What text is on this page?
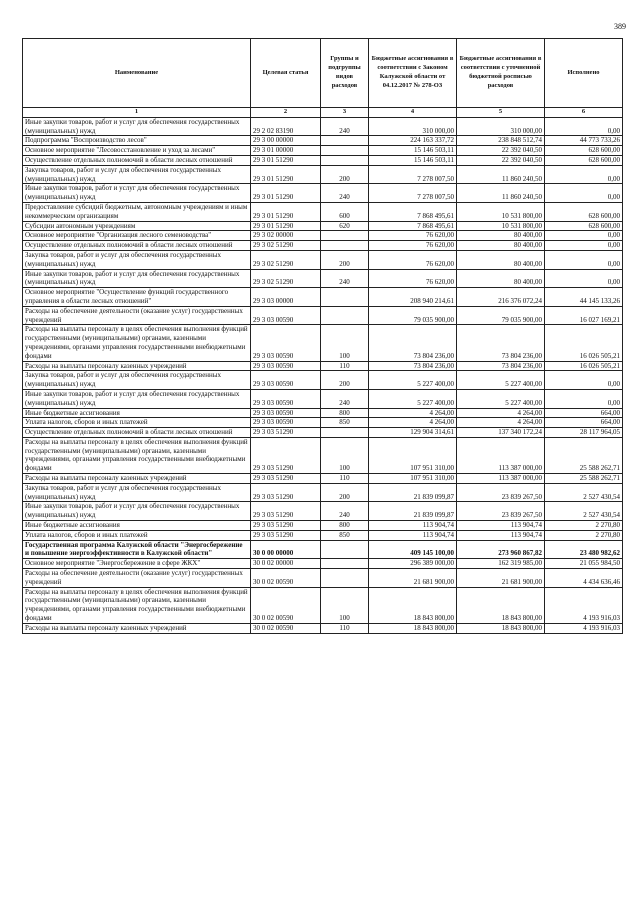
389
Наименование	Целевая статья	Группы и подгруппы видов расходов	Бюджетные ассигнования в соответствии с Законом Калужской области от 04.12.2017 № 278-ОЗ	Бюджетные ассигнования в соответствии с уточненной бюджетной росписью расходов	Исполнено
1	2	3	4	5	6
Иные закупки товаров, работ и услуг для обеспечения государственных (муниципальных) нужд	29 2 02 83190	240	310 000,00	310 000,00	0,00
Подпрограмма "Воспроизводство лесов"	29 3 00 00000		224 163 337,72	238 848 512,74	44 773 733,26
Основное мероприятие "Лесовосстановление и уход за лесами"	29 3 01 00000		15 146 503,11	22 392 040,50	628 600,00
Осуществление отдельных полномочий в области лесных отношений	29 3 01 51290		15 146 503,11	22 392 040,50	628 600,00
Закупка товаров, работ и услуг для обеспечения государственных (муниципальных) нужд	29 3 01 51290	200	7 278 007,50	11 860 240,50	0,00
Иные закупки товаров, работ и услуг для обеспечения государственных (муниципальных) нужд	29 3 01 51290	240	7 278 007,50	11 860 240,50	0,00
Предоставление субсидий бюджетным, автономным учреждениям и иным некоммерческим организациям	29 3 01 51290	600	7 868 495,61	10 531 800,00	628 600,00
Субсидии автономным учреждениям	29 3 01 51290	620	7 868 495,61	10 531 800,00	628 600,00
Основное мероприятие "Организация лесного семеноводства"	29 3 02 00000		76 620,00	80 400,00	0,00
Осуществление отдельных полномочий в области лесных отношений	29 3 02 51290		76 620,00	80 400,00	0,00
Закупка товаров, работ и услуг для обеспечения государственных (муниципальных) нужд	29 3 02 51290	200	76 620,00	80 400,00	0,00
Иные закупки товаров, работ и услуг для обеспечения государственных (муниципальных) нужд	29 3 02 51290	240	76 620,00	80 400,00	0,00
Основное мероприятие "Осуществление функций государственного управления в области лесных отношений"	29 3 03 00000		208 940 214,61	216 376 072,24	44 145 133,26
Расходы на обеспечение деятельности (оказание услуг) государственных учреждений	29 3 03 00590		79 035 900,00	79 035 900,00	16 027 169,21
Расходы на выплаты персоналу в целях обеспечения выполнения функций государственными (муниципальными) органами, казенными учреждениями, органами управления государственными внебюджетными фондами	29 3 03 00590	100	73 804 236,00	73 804 236,00	16 026 505,21
Расходы на выплаты персоналу казенных учреждений	29 3 03 00590	110	73 804 236,00	73 804 236,00	16 026 505,21
Закупка товаров, работ и услуг для обеспечения государственных (муниципальных) нужд	29 3 03 00590	200	5 227 400,00	5 227 400,00	0,00
Иные закупки товаров, работ и услуг для обеспечения государственных (муниципальных) нужд	29 3 03 00590	240	5 227 400,00	5 227 400,00	0,00
Иные бюджетные ассигнования	29 3 03 00590	800	4 264,00	4 264,00	664,00
Уплата налогов, сборов и иных платежей	29 3 03 00590	850	4 264,00	4 264,00	664,00
Осуществление отдельных полномочий в области лесных отношений	29 3 03 51290		129 904 314,61	137 340 172,24	28 117 964,05
Расходы на выплаты персоналу в целях обеспечения выполнения функций государственными (муниципальными) органами, казенными учреждениями, органами управления государственными внебюджетными фондами	29 3 03 51290	100	107 951 310,00	113 387 000,00	25 588 262,71
Расходы на выплаты персоналу казенных учреждений	29 3 03 51290	110	107 951 310,00	113 387 000,00	25 588 262,71
Закупка товаров, работ и услуг для обеспечения государственных (муниципальных) нужд	29 3 03 51290	200	21 839 099,87	23 839 267,50	2 527 430,54
Иные закупки товаров, работ и услуг для обеспечения государственных (муниципальных) нужд	29 3 03 51290	240	21 839 099,87	23 839 267,50	2 527 430,54
Иные бюджетные ассигнования	29 3 03 51290	800	113 904,74	113 904,74	2 270,80
Уплата налогов, сборов и иных платежей	29 3 03 51290	850	113 904,74	113 904,74	2 270,80
Государственная программа Калужской области "Энергосбережение и повышение энергоэффективности в Калужской области"	30 0 00 00000		409 145 100,00	273 960 867,82	23 480 982,62
Основное мероприятие "Энергосбережение в сфере ЖКХ"	30 0 02 00000		296 389 000,00	162 319 985,00	21 055 984,50
Расходы на обеспечение деятельности (оказание услуг) государственных учреждений	30 0 02 00590		21 681 900,00	21 681 900,00	4 434 636,46
Расходы на выплаты персоналу в целях обеспечения выполнения функций государственными (муниципальными) органами, казенными учреждениями, органами управления государственными внебюджетными фондами	30 0 02 00590	100	18 843 800,00	18 843 800,00	4 193 916,03
Расходы на выплаты персоналу казенных учреждений	30 0 02 00590	110	18 843 800,00	18 843 800,00	4 193 916,03
